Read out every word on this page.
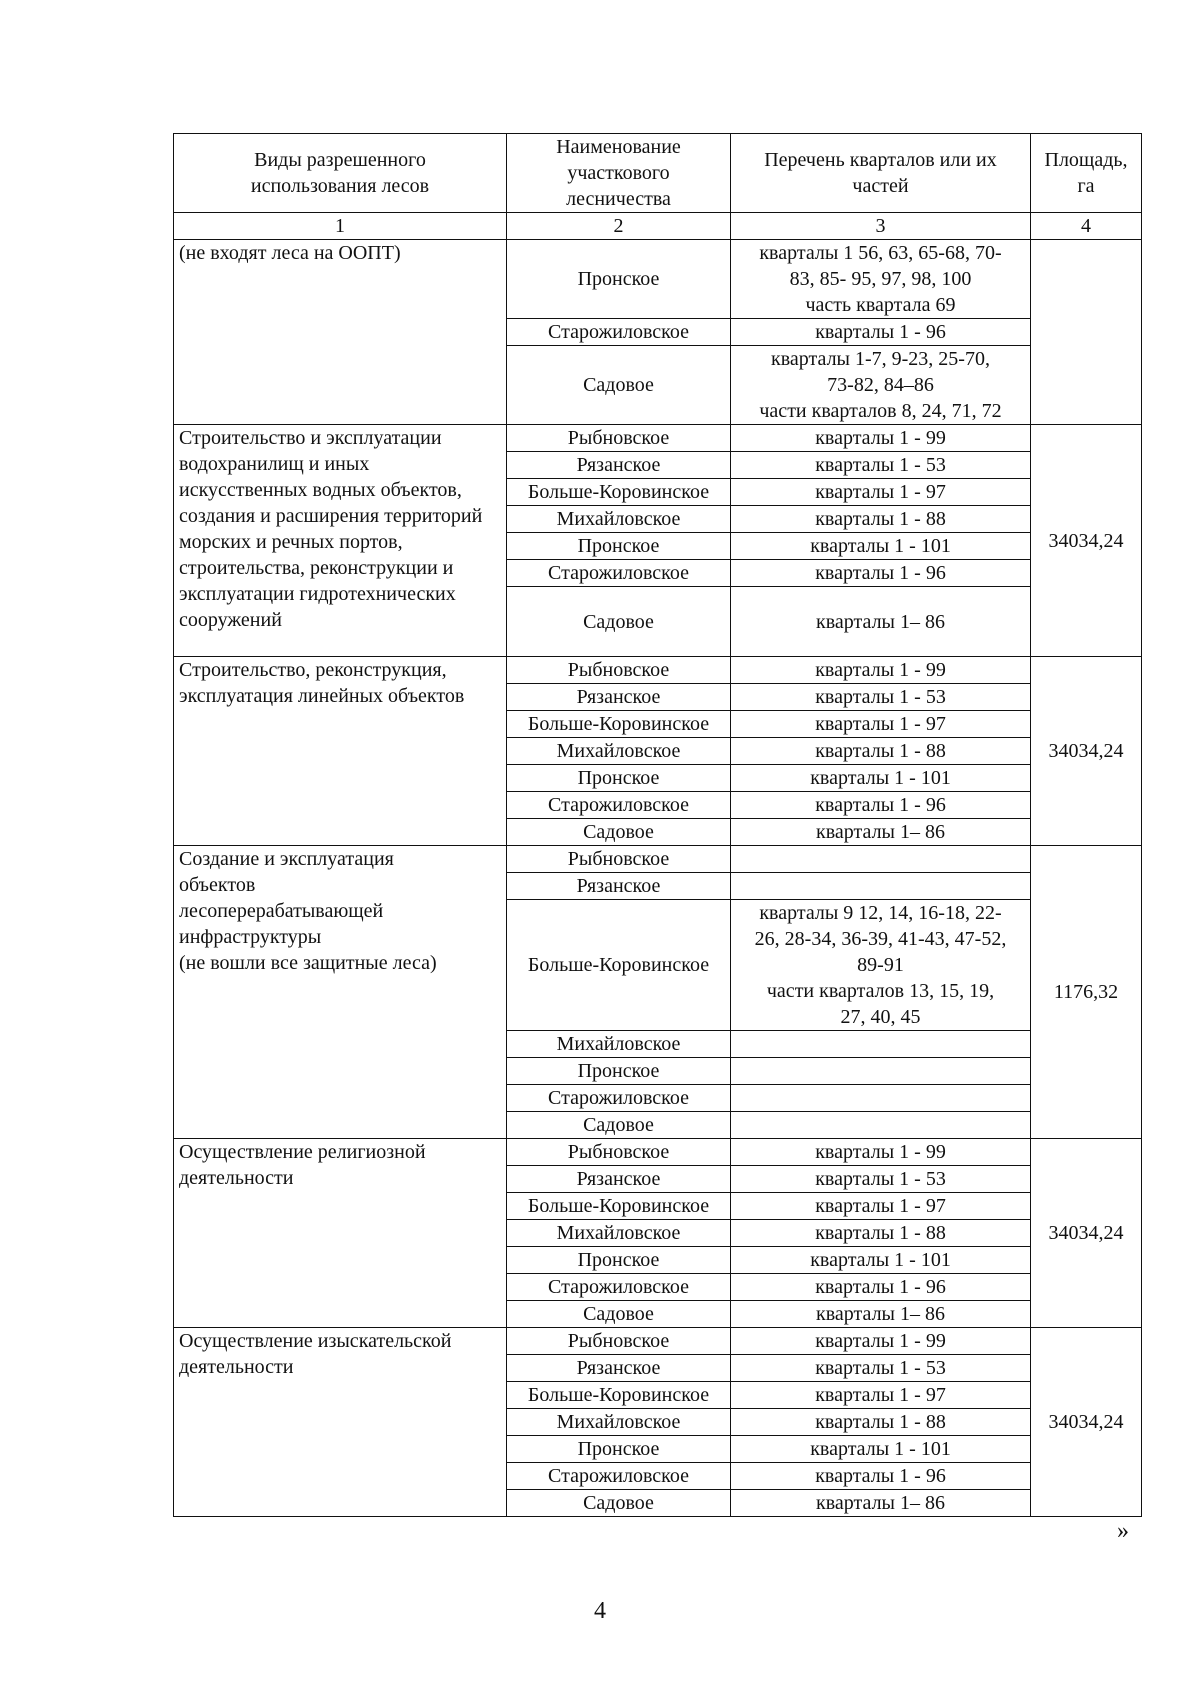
Виды разрешенного
использования лесов	Наименование
участкового
лесничества	Перечень кварталов или их
частей	Площадь,
га
1	2	3	4
(не входят леса на ООПТ)	Пронское	кварталы 1 56, 63, 65-68, 70-
83, 85- 95, 97, 98, 100
часть квартала 69	
	Старожиловское	кварталы 1 - 96	
	Садовое	кварталы 1-7, 9-23, 25-70,
73-82, 84–86
части кварталов 8, 24, 71, 72	
Строительство и эксплуатации водохранилищ и иных искусственных водных объектов, создания и расширения территорий морских и речных портов, строительства, реконструкции и эксплуатации гидротехнических сооружений	Рыбновское	кварталы 1 - 99	34034,24
	Рязанское	кварталы 1 - 53	
	Больше-Коровинское	кварталы 1 - 97	
	Михайловское	кварталы 1 - 88	
	Пронское	кварталы 1 - 101	
	Старожиловское	кварталы 1 - 96	
	Садовое	кварталы 1– 86	
Строительство, реконструкция, эксплуатация линейных объектов	Рыбновское	кварталы 1 - 99	34034,24
	Рязанское	кварталы 1 - 53	
	Больше-Коровинское	кварталы 1 - 97	
	Михайловское	кварталы 1 - 88	
	Пронское	кварталы 1 - 101	
	Старожиловское	кварталы 1 - 96	
	Садовое	кварталы 1– 86	
Создание и эксплуатация
объектов
лесоперерабатывающей
инфраструктуры
(не вошли все защитные леса)	Рыбновское		1176,32
	Рязанское		
	Больше-Коровинское	кварталы 9 12, 14, 16-18, 22-
26, 28-34, 36-39, 41-43, 47-52,
89-91
части кварталов 13, 15, 19,
27, 40, 45	
	Михайловское		
	Пронское		
	Старожиловское		
	Садовое		
Осуществление религиозной деятельности	Рыбновское	кварталы 1 - 99	34034,24
	Рязанское	кварталы 1 - 53	
	Больше-Коровинское	кварталы 1 - 97	
	Михайловское	кварталы 1 - 88	
	Пронское	кварталы 1 - 101	
	Старожиловское	кварталы 1 - 96	
	Садовое	кварталы 1– 86	
Осуществление изыскательской деятельности	Рыбновское	кварталы 1 - 99	34034,24
	Рязанское	кварталы 1 - 53	
	Больше-Коровинское	кварталы 1 - 97	
	Михайловское	кварталы 1 - 88	
	Пронское	кварталы 1 - 101	
	Старожиловское	кварталы 1 - 96	
	Садовое	кварталы 1– 86	
»
4
